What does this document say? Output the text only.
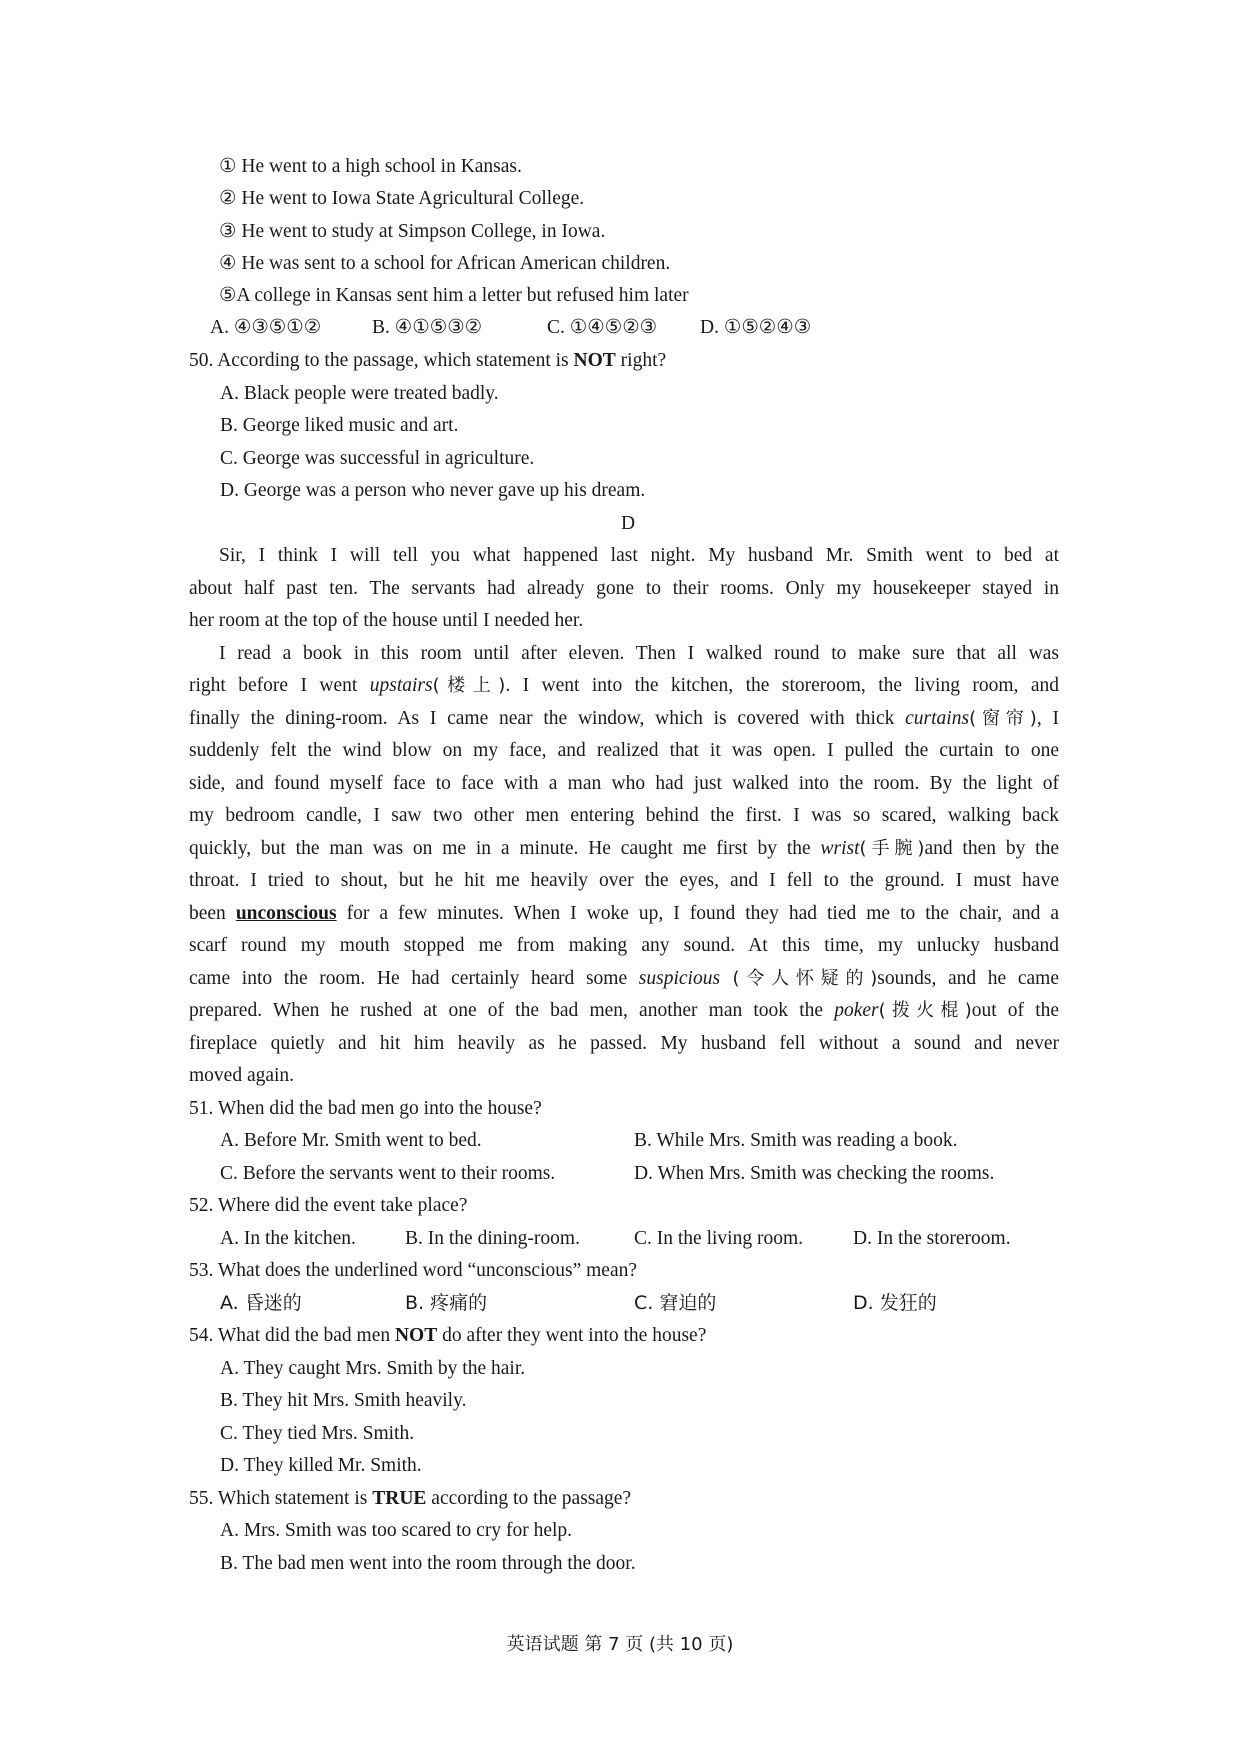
① He went to a high school in Kansas.
② He went to Iowa State Agricultural College.
③ He went to study at Simpson College, in Iowa.
④ He was sent to a school for African American children.
⑤A college in Kansas sent him a letter but refused him later
A. ④③⑤①②	B. ④①⑤③②	C. ①④⑤②③ D. ①⑤②④③
50. According to the passage, which statement is NOT right?
A. Black people were treated badly.
B. George liked music and art.
C. George was successful in agriculture.
D. George was a person who never gave up his dream.
D
Sir, I think I will tell you what happened last night. My husband Mr. Smith went to bed at
about half past ten. The servants had already gone to their rooms. Only my housekeeper stayed in
her room at the top of the house until I needed her.
I read a book in this room until after eleven. Then I walked round to make sure that all was
right before I went upstairs(楼上). I went into the kitchen, the storeroom, the living room, and
finally the dining-room. As I came near the window, which is covered with thick curtains(窗帘), I
suddenly felt the wind blow on my face, and realized that it was open. I pulled the curtain to one
side, and found myself face to face with a man who had just walked into the room. By the light of
my bedroom candle, I saw two other men entering behind the first. I was so scared, walking back
quickly, but the man was on me in a minute. He caught me first by the wrist(手腕)and then by the
throat. I tried to shout, but he hit me heavily over the eyes, and I fell to the ground. I must have
been unconscious for a few minutes. When I woke up, I found they had tied me to the chair, and a
scarf round my mouth stopped me from making any sound. At this time, my unlucky husband
came into the room. He had certainly heard some suspicious (令人怀疑的)sounds, and he came
prepared. When he rushed at one of the bad men, another man took the poker(拨火棍)out of the
fireplace quietly and hit him heavily as he passed. My husband fell without a sound and never
moved again.
51. When did the bad men go into the house?
A. Before Mr. Smith went to bed.	B. While Mrs. Smith was reading a book.
C. Before the servants went to their rooms.	D. When Mrs. Smith was checking the rooms.
52. Where did the event take place?
A. In the kitchen.	B. In the dining-room.	C. In the living room.	D. In the storeroom.
53. What does the underlined word “unconscious” mean?
A. 昏迷的	B. 疼痛的	C. 窘迫的	D. 发狂的
54. What did the bad men NOT do after they went into the house?
A. They caught Mrs. Smith by the hair.
B. They hit Mrs. Smith heavily.
C. They tied Mrs. Smith.
D. They killed Mr. Smith.
55. Which statement is TRUE according to the passage?
A. Mrs. Smith was too scared to cry for help.
B. The bad men went into the room through the door.
英语试题 第 7 页 (共 10 页)
